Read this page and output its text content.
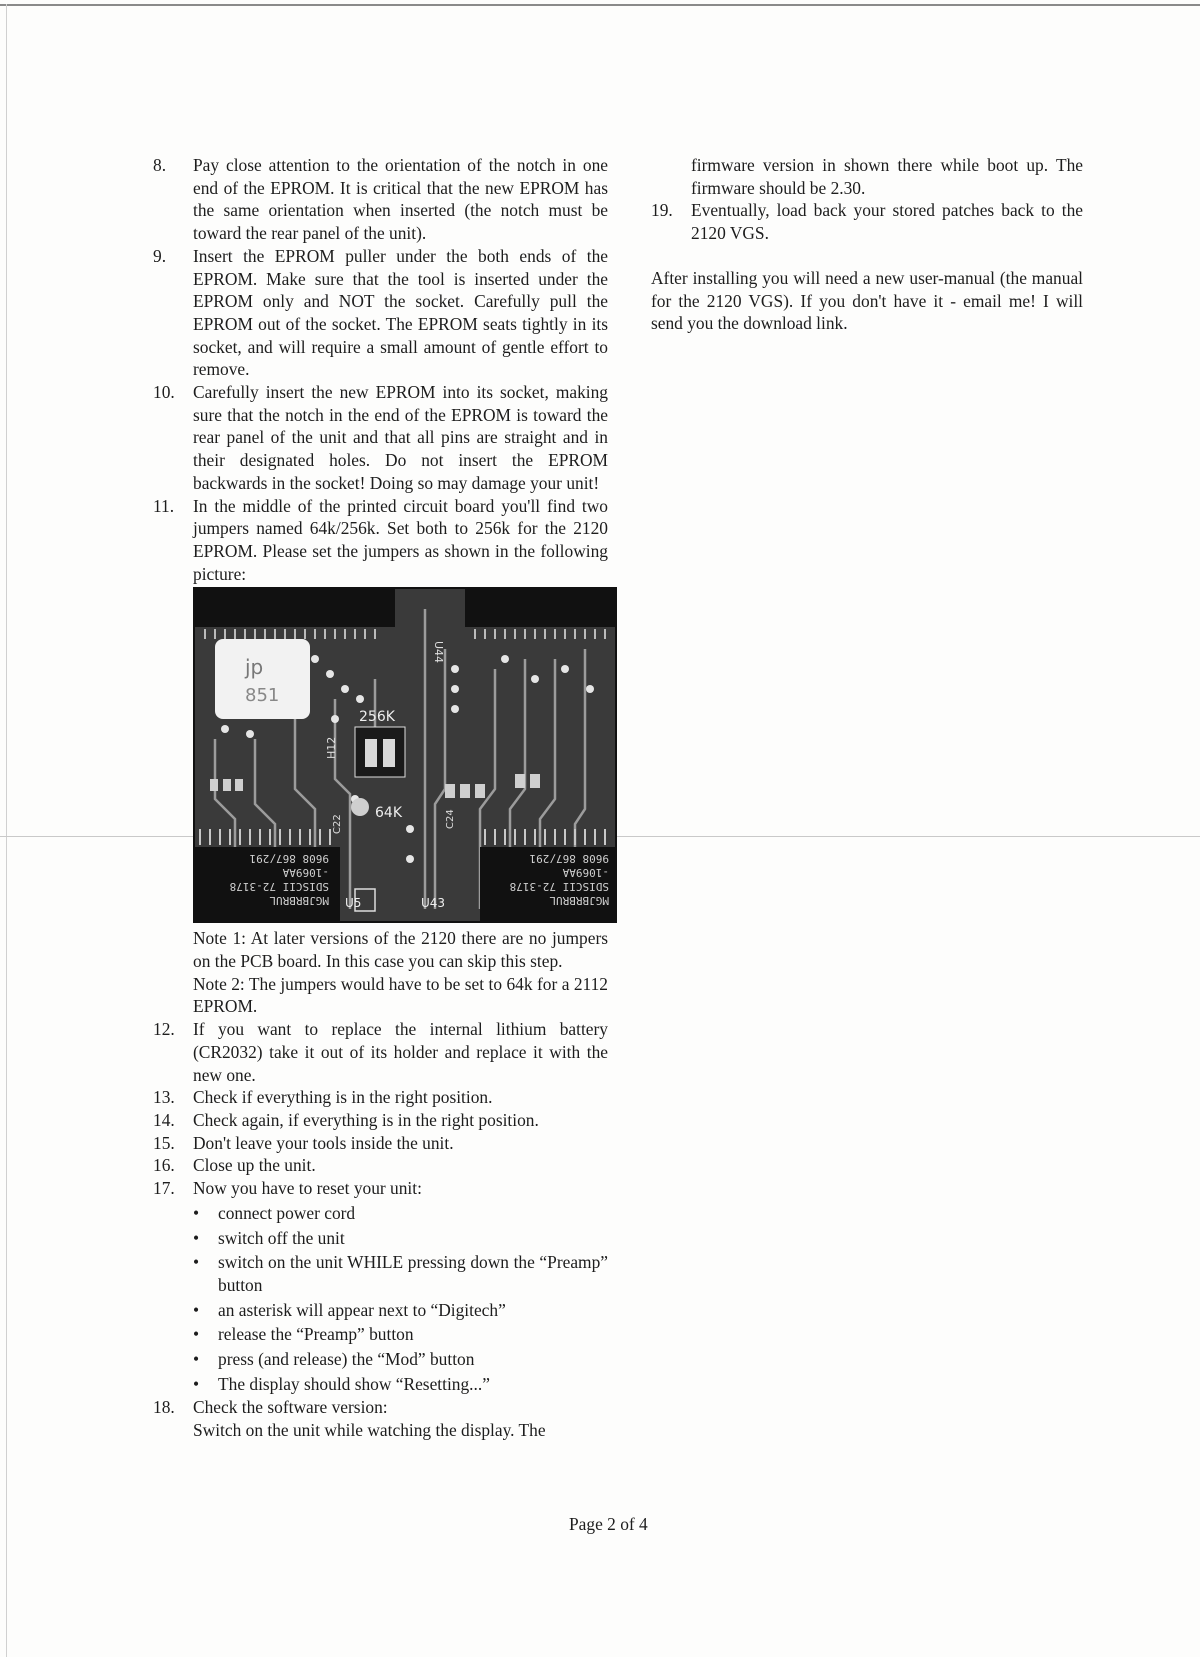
8.	Pay close attention to the orientation of the notch in one end of the EPROM. It is critical that the new EPROM has the same orientation when inserted (the notch must be toward the rear panel of the unit).
9.	Insert the EPROM puller under the both ends of the EPROM. Make sure that the tool is inserted under the EPROM only and NOT the socket. Carefully pull the EPROM out of the socket. The EPROM seats tightly in its socket, and will require a small amount of gentle effort to remove.
10.	Carefully insert the new EPROM into its socket, making sure that the notch in the end of the EPROM is toward the rear panel of the unit and that all pins are straight and in their designated holes. Do not insert the EPROM backwards in the socket! Doing so may damage your unit!
11.	In the middle of the printed circuit board you'll find two jumpers named 64k/256k. Set both to 256k for the 2120 EPROM. Please set the jumpers as shown in the following picture:
jp
851
256K
64K
H12
U44
C24
C22
MGJBRBRUL
SDISCII 72-3178
-1069AA
9608 867/291
MGJBRBRUL
SDISCII 72-3178
-1069AA
9608 867/291
U5	U43
Note 1: At later versions of the 2120 there are no jumpers on the PCB board. In this case you can skip this step.
Note 2: The jumpers would have to be set to 64k for a 2112 EPROM.
12.	If you want to replace the internal lithium battery (CR2032) take it out of its holder and replace it with the new one.
13.	Check if everything is in the right position.
14.	Check again, if everything is in the right position.
15.	Don't leave your tools inside the unit.
16.	Close up the unit.
17.	Now you have to reset your unit:
• connect power cord
• switch off the unit
• switch on the unit WHILE pressing down the “Preamp” button
• an asterisk will appear next to “Digitech”
• release the “Preamp” button
• press (and release) the “Mod” button
• The display should show “Resetting...”
18.	Check the software version:
Switch on the unit while watching the display. The
firmware version in shown there while boot up. The firmware should be 2.30.
19.	Eventually, load back your stored patches back to the 2120 VGS.
After installing you will need a new user-manual (the manual for the 2120 VGS). If you don't have it - email me! I will send you the download link.
Page 2 of 4
